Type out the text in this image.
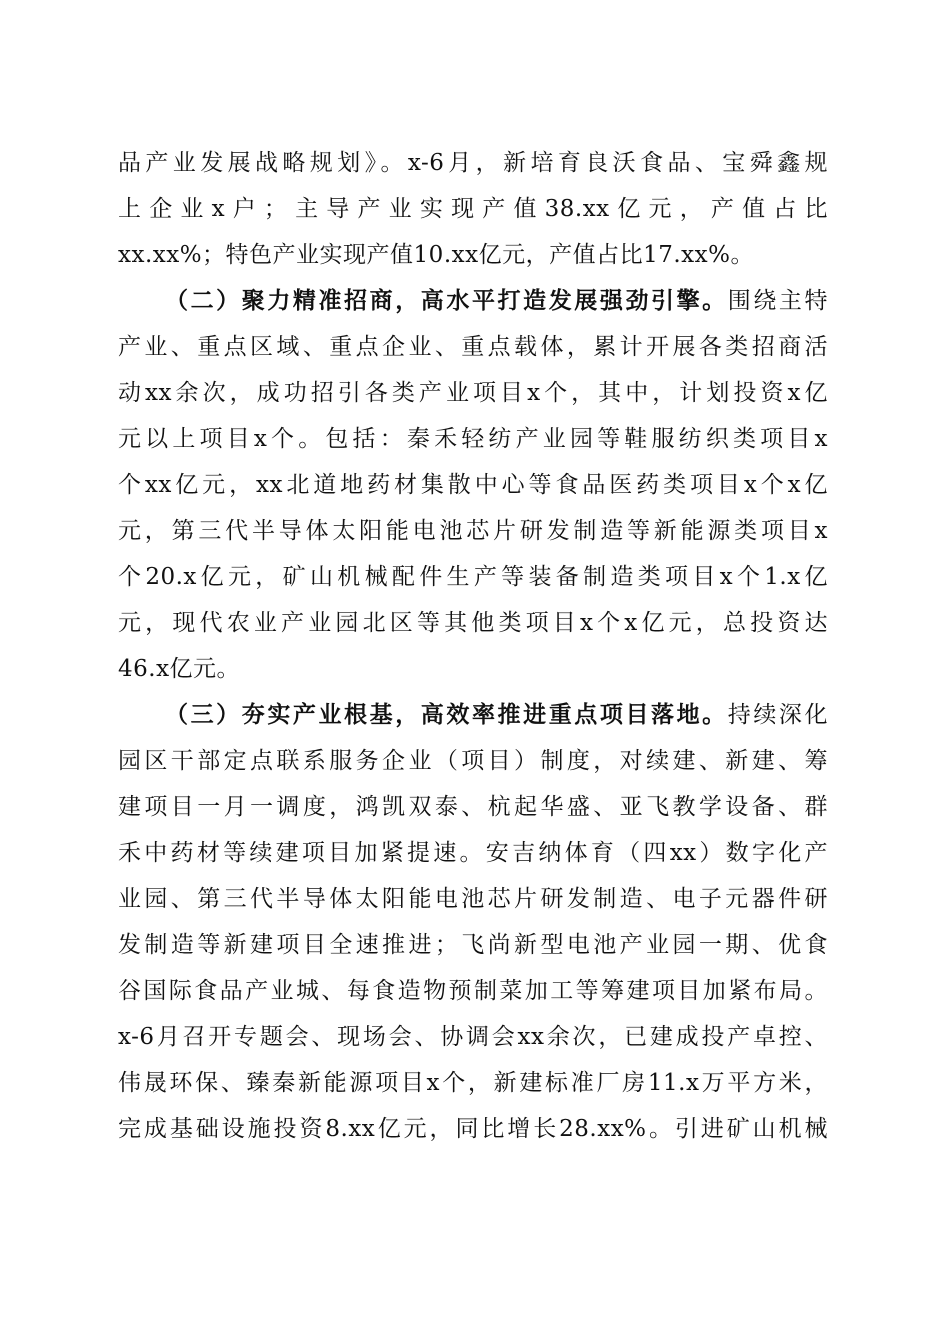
品产业发展战略规划》。x-6月，新培育良沃食品、宝舜鑫规
上企业x户；主导产业实现产值38.xx亿元，产值占比
xx.xx%；特色产业实现产值10.xx亿元，产值占比17.xx%。
（二）聚力精准招商，高水平打造发展强劲引擎。围绕主特
产业、重点区域、重点企业、重点载体，累计开展各类招商活
动xx余次，成功招引各类产业项目x个，其中，计划投资x亿
元以上项目x个。包括：秦禾轻纺产业园等鞋服纺织类项目x
个xx亿元，xx北道地药材集散中心等食品医药类项目x个x亿
元，第三代半导体太阳能电池芯片研发制造等新能源类项目x
个20.x亿元，矿山机械配件生产等装备制造类项目x个1.x亿
元，现代农业产业园北区等其他类项目x个x亿元，总投资达
46.x亿元。
（三）夯实产业根基，高效率推进重点项目落地。持续深化
园区干部定点联系服务企业（项目）制度，对续建、新建、筹
建项目一月一调度，鸿凯双泰、杭起华盛、亚飞教学设备、群
禾中药材等续建项目加紧提速。安吉纳体育（四xx）数字化产
业园、第三代半导体太阳能电池芯片研发制造、电子元器件研
发制造等新建项目全速推进；飞尚新型电池产业园一期、优食
谷国际食品产业城、每食造物预制菜加工等筹建项目加紧布局。
x-6月召开专题会、现场会、协调会xx余次，已建成投产卓控、
伟晟环保、臻秦新能源项目x个，新建标准厂房11.x万平方米，
完成基础设施投资8.xx亿元，同比增长28.xx%。引进矿山机械
